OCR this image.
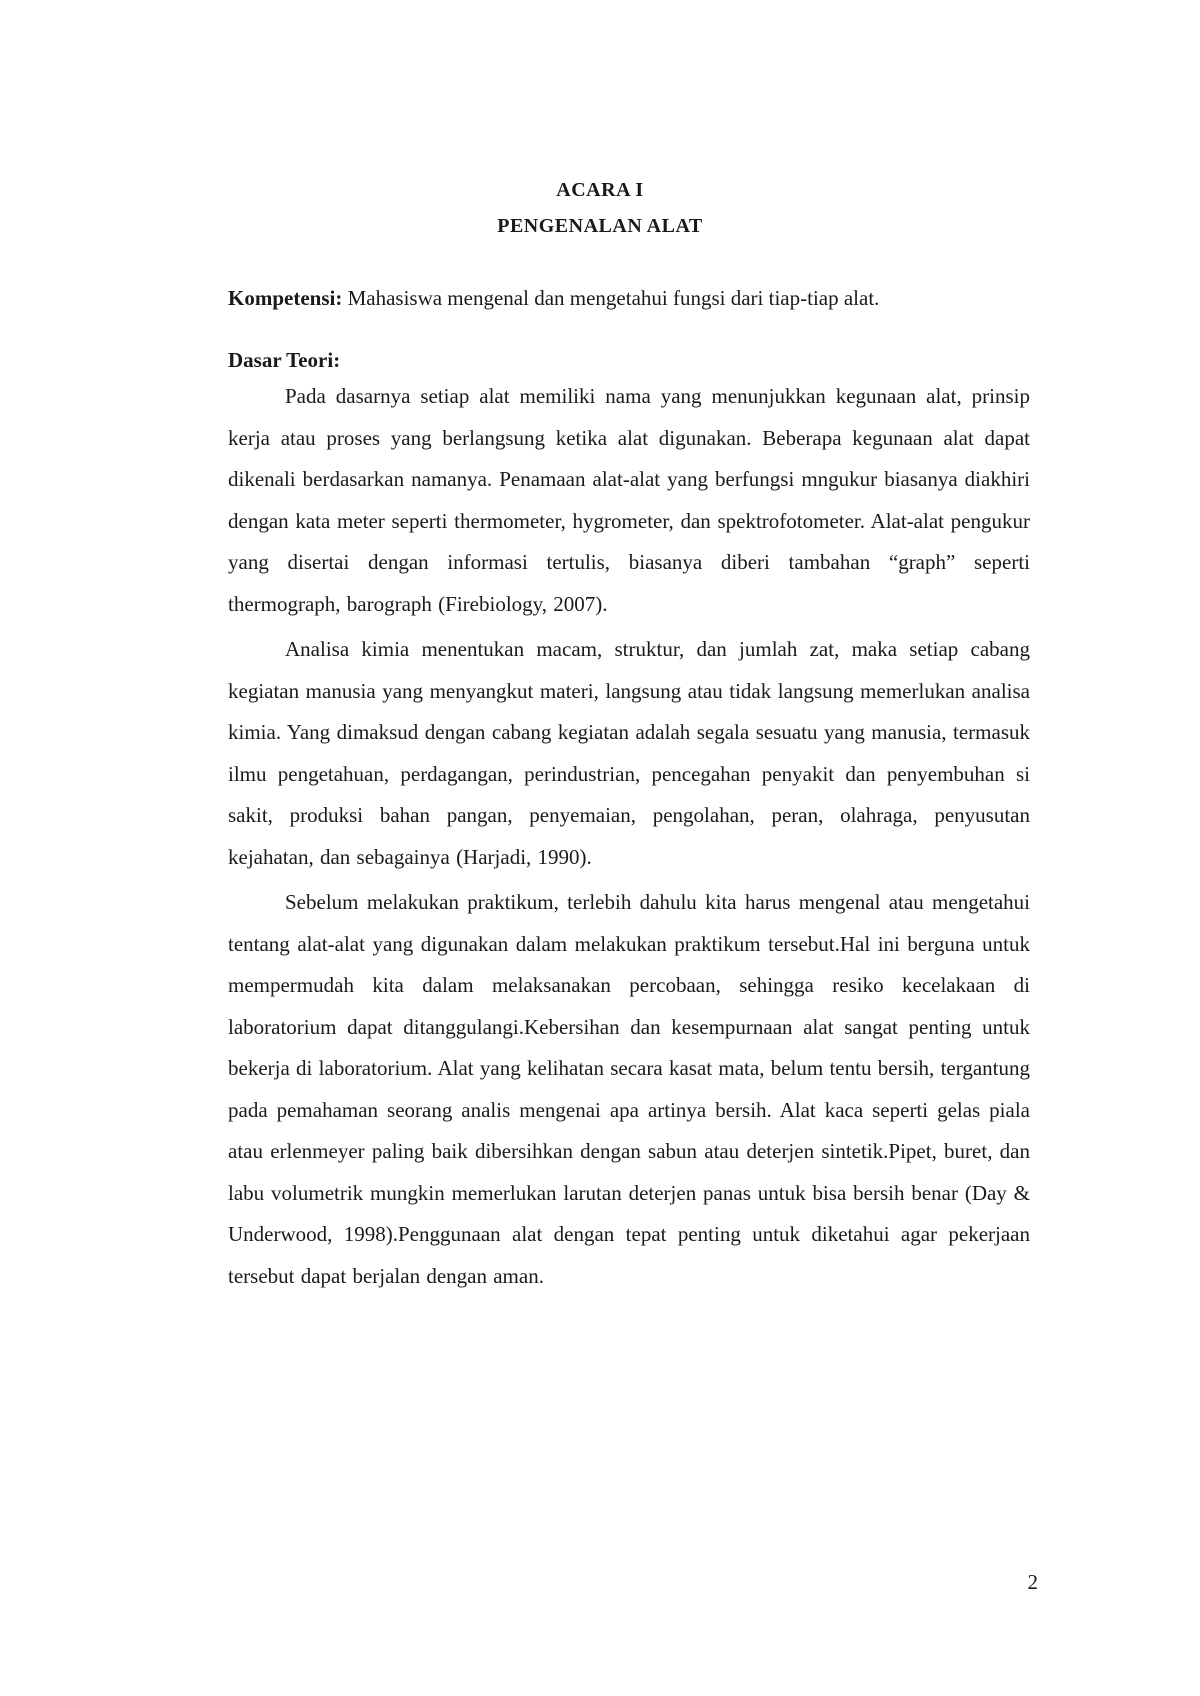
ACARA I
PENGENALAN ALAT

Kompetensi: Mahasiswa mengenal dan mengetahui fungsi dari tiap-tiap alat.

Dasar Teori:

Pada dasarnya setiap alat memiliki nama yang menunjukkan kegunaan alat, prinsip kerja atau proses yang berlangsung ketika alat digunakan. Beberapa kegunaan alat dapat dikenali berdasarkan namanya. Penamaan alat-alat yang berfungsi mngukur biasanya diakhiri dengan kata meter seperti thermometer, hygrometer, dan spektrofotometer. Alat-alat pengukur yang disertai dengan informasi tertulis, biasanya diberi tambahan “graph” seperti thermograph, barograph (Firebiology, 2007).

Analisa kimia menentukan macam, struktur, dan jumlah zat, maka setiap cabang kegiatan manusia yang menyangkut materi, langsung atau tidak langsung memerlukan analisa kimia. Yang dimaksud dengan cabang kegiatan adalah segala sesuatu yang manusia, termasuk ilmu pengetahuan, perdagangan, perindustrian, pencegahan penyakit dan penyembuhan si sakit, produksi bahan pangan, penyemaian, pengolahan, peran, olahraga, penyusutan kejahatan, dan sebagainya (Harjadi, 1990).

Sebelum melakukan praktikum, terlebih dahulu kita harus mengenal atau mengetahui tentang alat-alat yang digunakan dalam melakukan praktikum tersebut.Hal ini berguna untuk mempermudah kita dalam melaksanakan percobaan, sehingga resiko kecelakaan di laboratorium dapat ditanggulangi.Kebersihan dan kesempurnaan alat sangat penting untuk bekerja di laboratorium. Alat yang kelihatan secara kasat mata, belum tentu bersih, tergantung pada pemahaman seorang analis mengenai apa artinya bersih. Alat kaca seperti gelas piala atau erlenmeyer paling baik dibersihkan dengan sabun atau deterjen sintetik.Pipet, buret, dan labu volumetrik mungkin memerlukan larutan deterjen panas untuk bisa bersih benar (Day & Underwood, 1998).Penggunaan alat dengan tepat penting untuk diketahui agar pekerjaan tersebut dapat berjalan dengan aman.

2
